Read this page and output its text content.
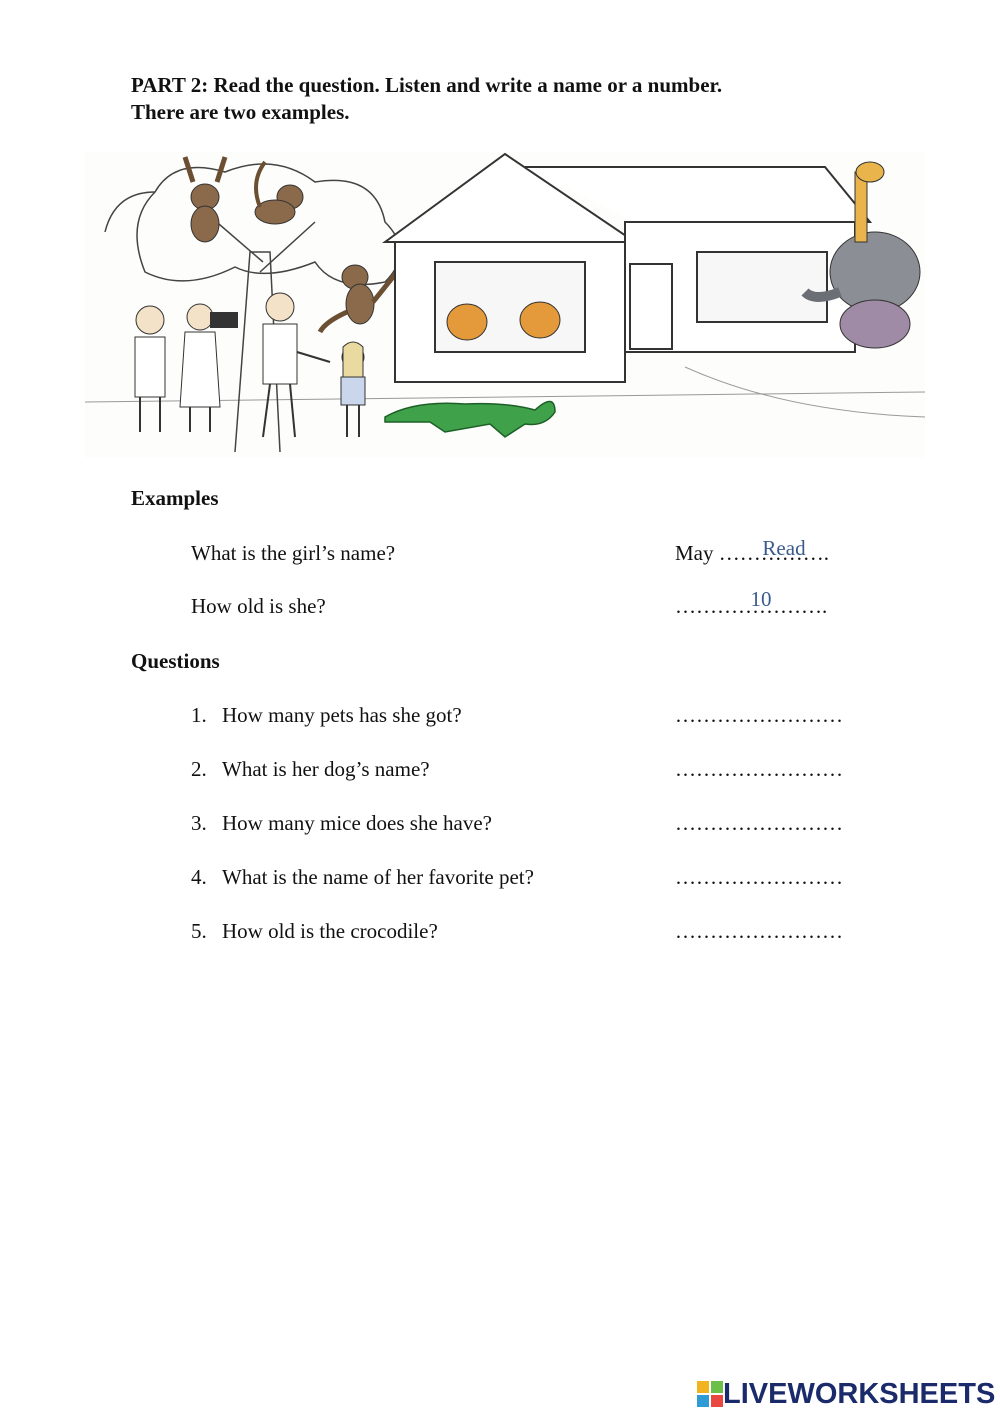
PART 2: Read the question. Listen and write a name or a number.
There are two examples.
Examples
What is the girl’s name?	May …………….
Read
How old is she?	………………….
10
Questions
1. How many pets has she got?	……………………
2. What is her dog’s name?	……………………
3. How many mice does she have?	……………………
4. What is the name of her favorite pet?	……………………
5. How old is the crocodile?	……………………
LIVEWORKSHEETS
